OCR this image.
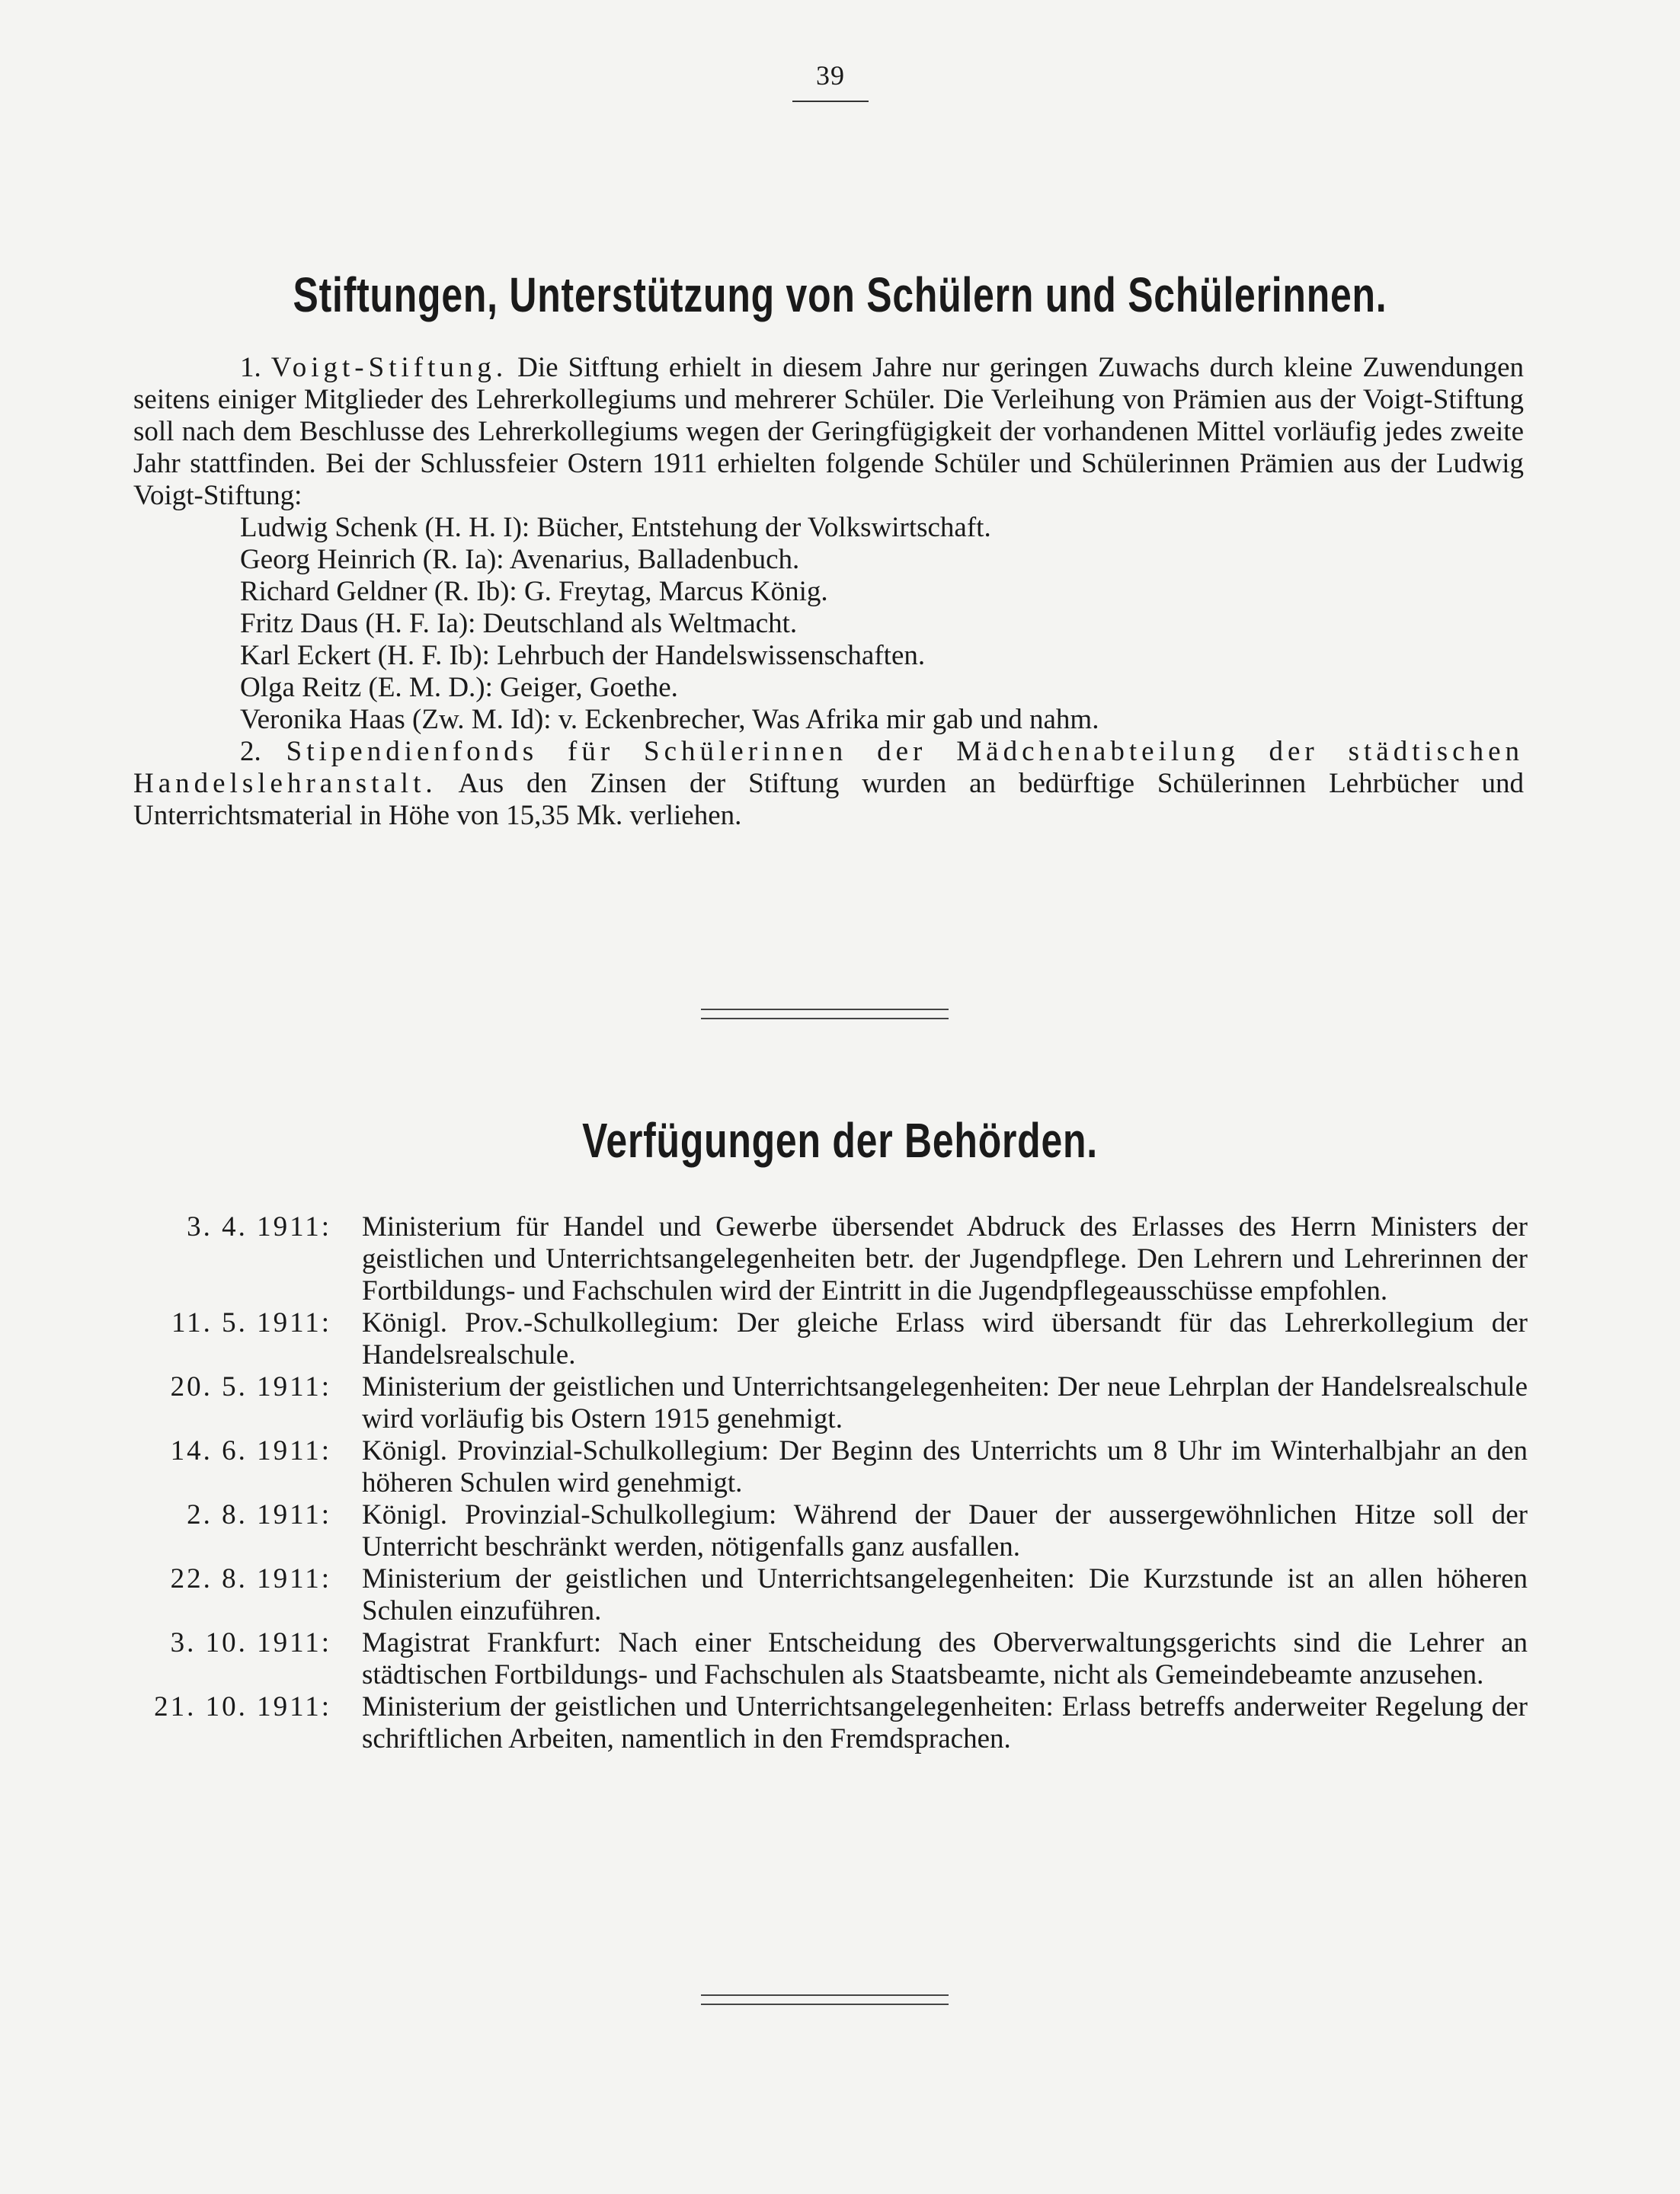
39
Stiftungen, Unterstützung von Schülern und Schülerinnen.

1. Voigt-Stiftung. Die Sitftung erhielt in diesem Jahre nur geringen Zuwachs durch kleine Zuwendungen seitens einiger Mitglieder des Lehrerkollegiums und mehrerer Schüler. Die Verleihung von Prämien aus der Voigt-Stiftung soll nach dem Beschlusse des Lehrerkollegiums wegen der Geringfügigkeit der vorhandenen Mittel vorläufig jedes zweite Jahr stattfinden. Bei der Schlussfeier Ostern 1911 erhielten folgende Schüler und Schülerinnen Prämien aus der Ludwig Voigt-Stiftung:

Ludwig Schenk (H. H. I): Bücher, Entstehung der Volkswirtschaft.
Georg Heinrich (R. Ia): Avenarius, Balladenbuch.
Richard Geldner (R. Ib): G. Freytag, Marcus König.
Fritz Daus (H. F. Ia): Deutschland als Weltmacht.
Karl Eckert (H. F. Ib): Lehrbuch der Handelswissenschaften.
Olga Reitz (E. M. D.): Geiger, Goethe.
Veronika Haas (Zw. M. Id): v. Eckenbrecher, Was Afrika mir gab und nahm.

2. Stipendienfonds für Schülerinnen der Mädchenabteilung der städtischen Handelslehranstalt. Aus den Zinsen der Stiftung wurden an bedürftige Schülerinnen Lehrbücher und Unterrichtsmaterial in Höhe von 15,35 Mk. verliehen.

Verfügungen der Behörden.
3. 4. 1911:	Ministerium für Handel und Gewerbe übersendet Abdruck des Erlasses des Herrn Ministers der geistlichen und Unterrichtsangelegenheiten betr. der Jugendpflege. Den Lehrern und Lehrerinnen der Fortbildungs- und Fachschulen wird der Eintritt in die Jugendpflegeausschüsse empfohlen.
11. 5. 1911:	Königl. Prov.-Schulkollegium: Der gleiche Erlass wird übersandt für das Lehrerkollegium der Handelsrealschule.
20. 5. 1911:	Ministerium der geistlichen und Unterrichtsangelegenheiten: Der neue Lehrplan der Handelsrealschule wird vorläufig bis Ostern 1915 genehmigt.
14. 6. 1911:	Königl. Provinzial-Schulkollegium: Der Beginn des Unterrichts um 8 Uhr im Winterhalbjahr an den höheren Schulen wird genehmigt.
2. 8. 1911:	Königl. Provinzial-Schulkollegium: Während der Dauer der aussergewöhnlichen Hitze soll der Unterricht beschränkt werden, nötigenfalls ganz ausfallen.
22. 8. 1911:	Ministerium der geistlichen und Unterrichtsangelegenheiten: Die Kurzstunde ist an allen höheren Schulen einzuführen.
3. 10. 1911:	Magistrat Frankfurt: Nach einer Entscheidung des Oberverwaltungsgerichts sind die Lehrer an städtischen Fortbildungs- und Fachschulen als Staatsbeamte, nicht als Gemeindebeamte anzusehen.
21. 10. 1911:	Ministerium der geistlichen und Unterrichtsangelegenheiten: Erlass betreffs anderweiter Regelung der schriftlichen Arbeiten, namentlich in den Fremdsprachen.
